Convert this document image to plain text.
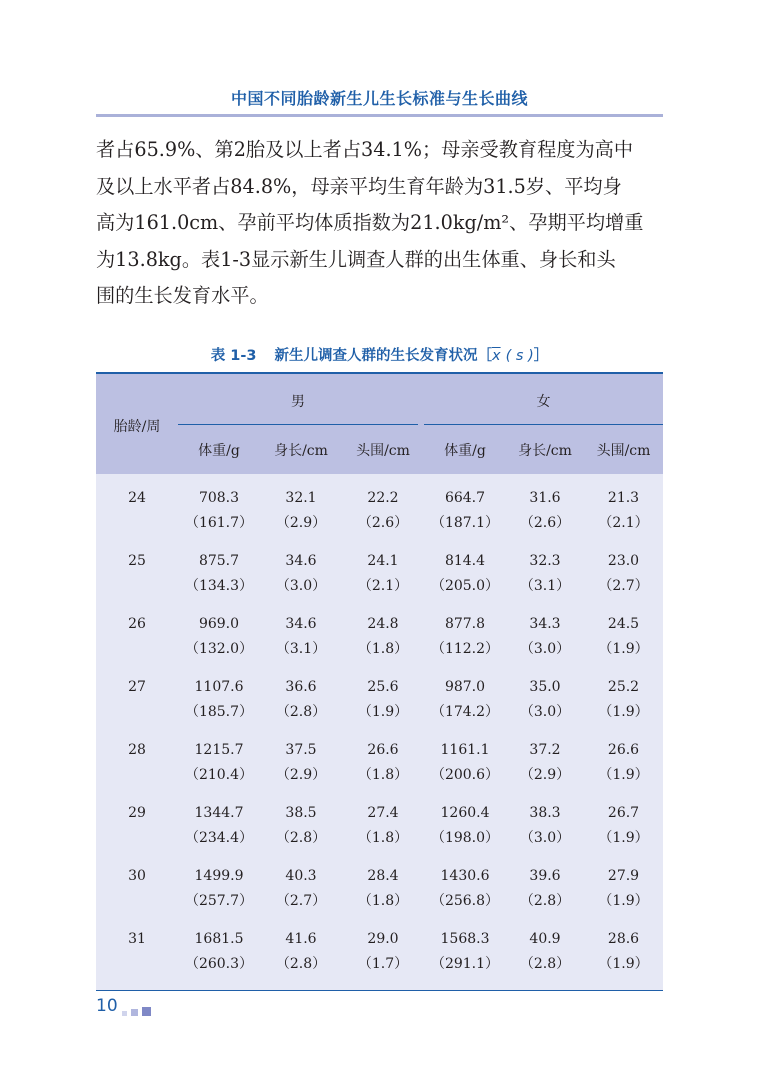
中国不同胎龄新生儿生长标准与生长曲线

者占65.9%、第2胎及以上者占34.1%；母亲受教育程度为高中

及以上水平者占84.8%，母亲平均生育年龄为31.5岁、平均身

高为161.0cm、孕前平均体质指数为21.0kg/m²、孕期平均增重

为13.8kg。表1-3显示新生儿调查人群的出生体重、身长和头

围的生长发育水平。

表 1-3 新生儿调查人群的生长发育状况$[\overline{x}$ ( s )］
胎龄/周
男	女
体重/g	身长/cm	头围/cm	体重/g	身长/cm	头围/cm
24	708.3	32.1	22.2	664.7	31.6	21.3
（161.7）	（2.9）	（2.6）	（187.1）	（2.6）	（2.1）
25	875.7	34.6	24.1	814.4	32.3	23.0
（134.3）	（3.0）	（2.1）	（205.0）	（3.1）	（2.7）
26	969.0	34.6	24.8	877.8	34.3	24.5
（132.0）	（3.1）	（1.8）	（112.2）	（3.0）	（1.9）
27	1107.6	36.6	25.6	987.0	35.0	25.2
（185.7）	（2.8）	（1.9）	（174.2）	（3.0）	（1.9）
28	1215.7	37.5	26.6	1161.1	37.2	26.6
（210.4）	（2.9）	（1.8）	（200.6）	（2.9）	（1.9）
29	1344.7	38.5	27.4	1260.4	38.3	26.7
（234.4）	（2.8）	（1.8）	（198.0）	（3.0）	（1.9）
30	1499.9	40.3	28.4	1430.6	39.6	27.9
（257.7）	（2.7）	（1.8）	（256.8）	（2.8）	（1.9）
31	1681.5	41.6	29.0	1568.3	40.9	28.6
（260.3）	（2.8）	（1.7）	（291.1）	（2.8）	（1.9）
10
